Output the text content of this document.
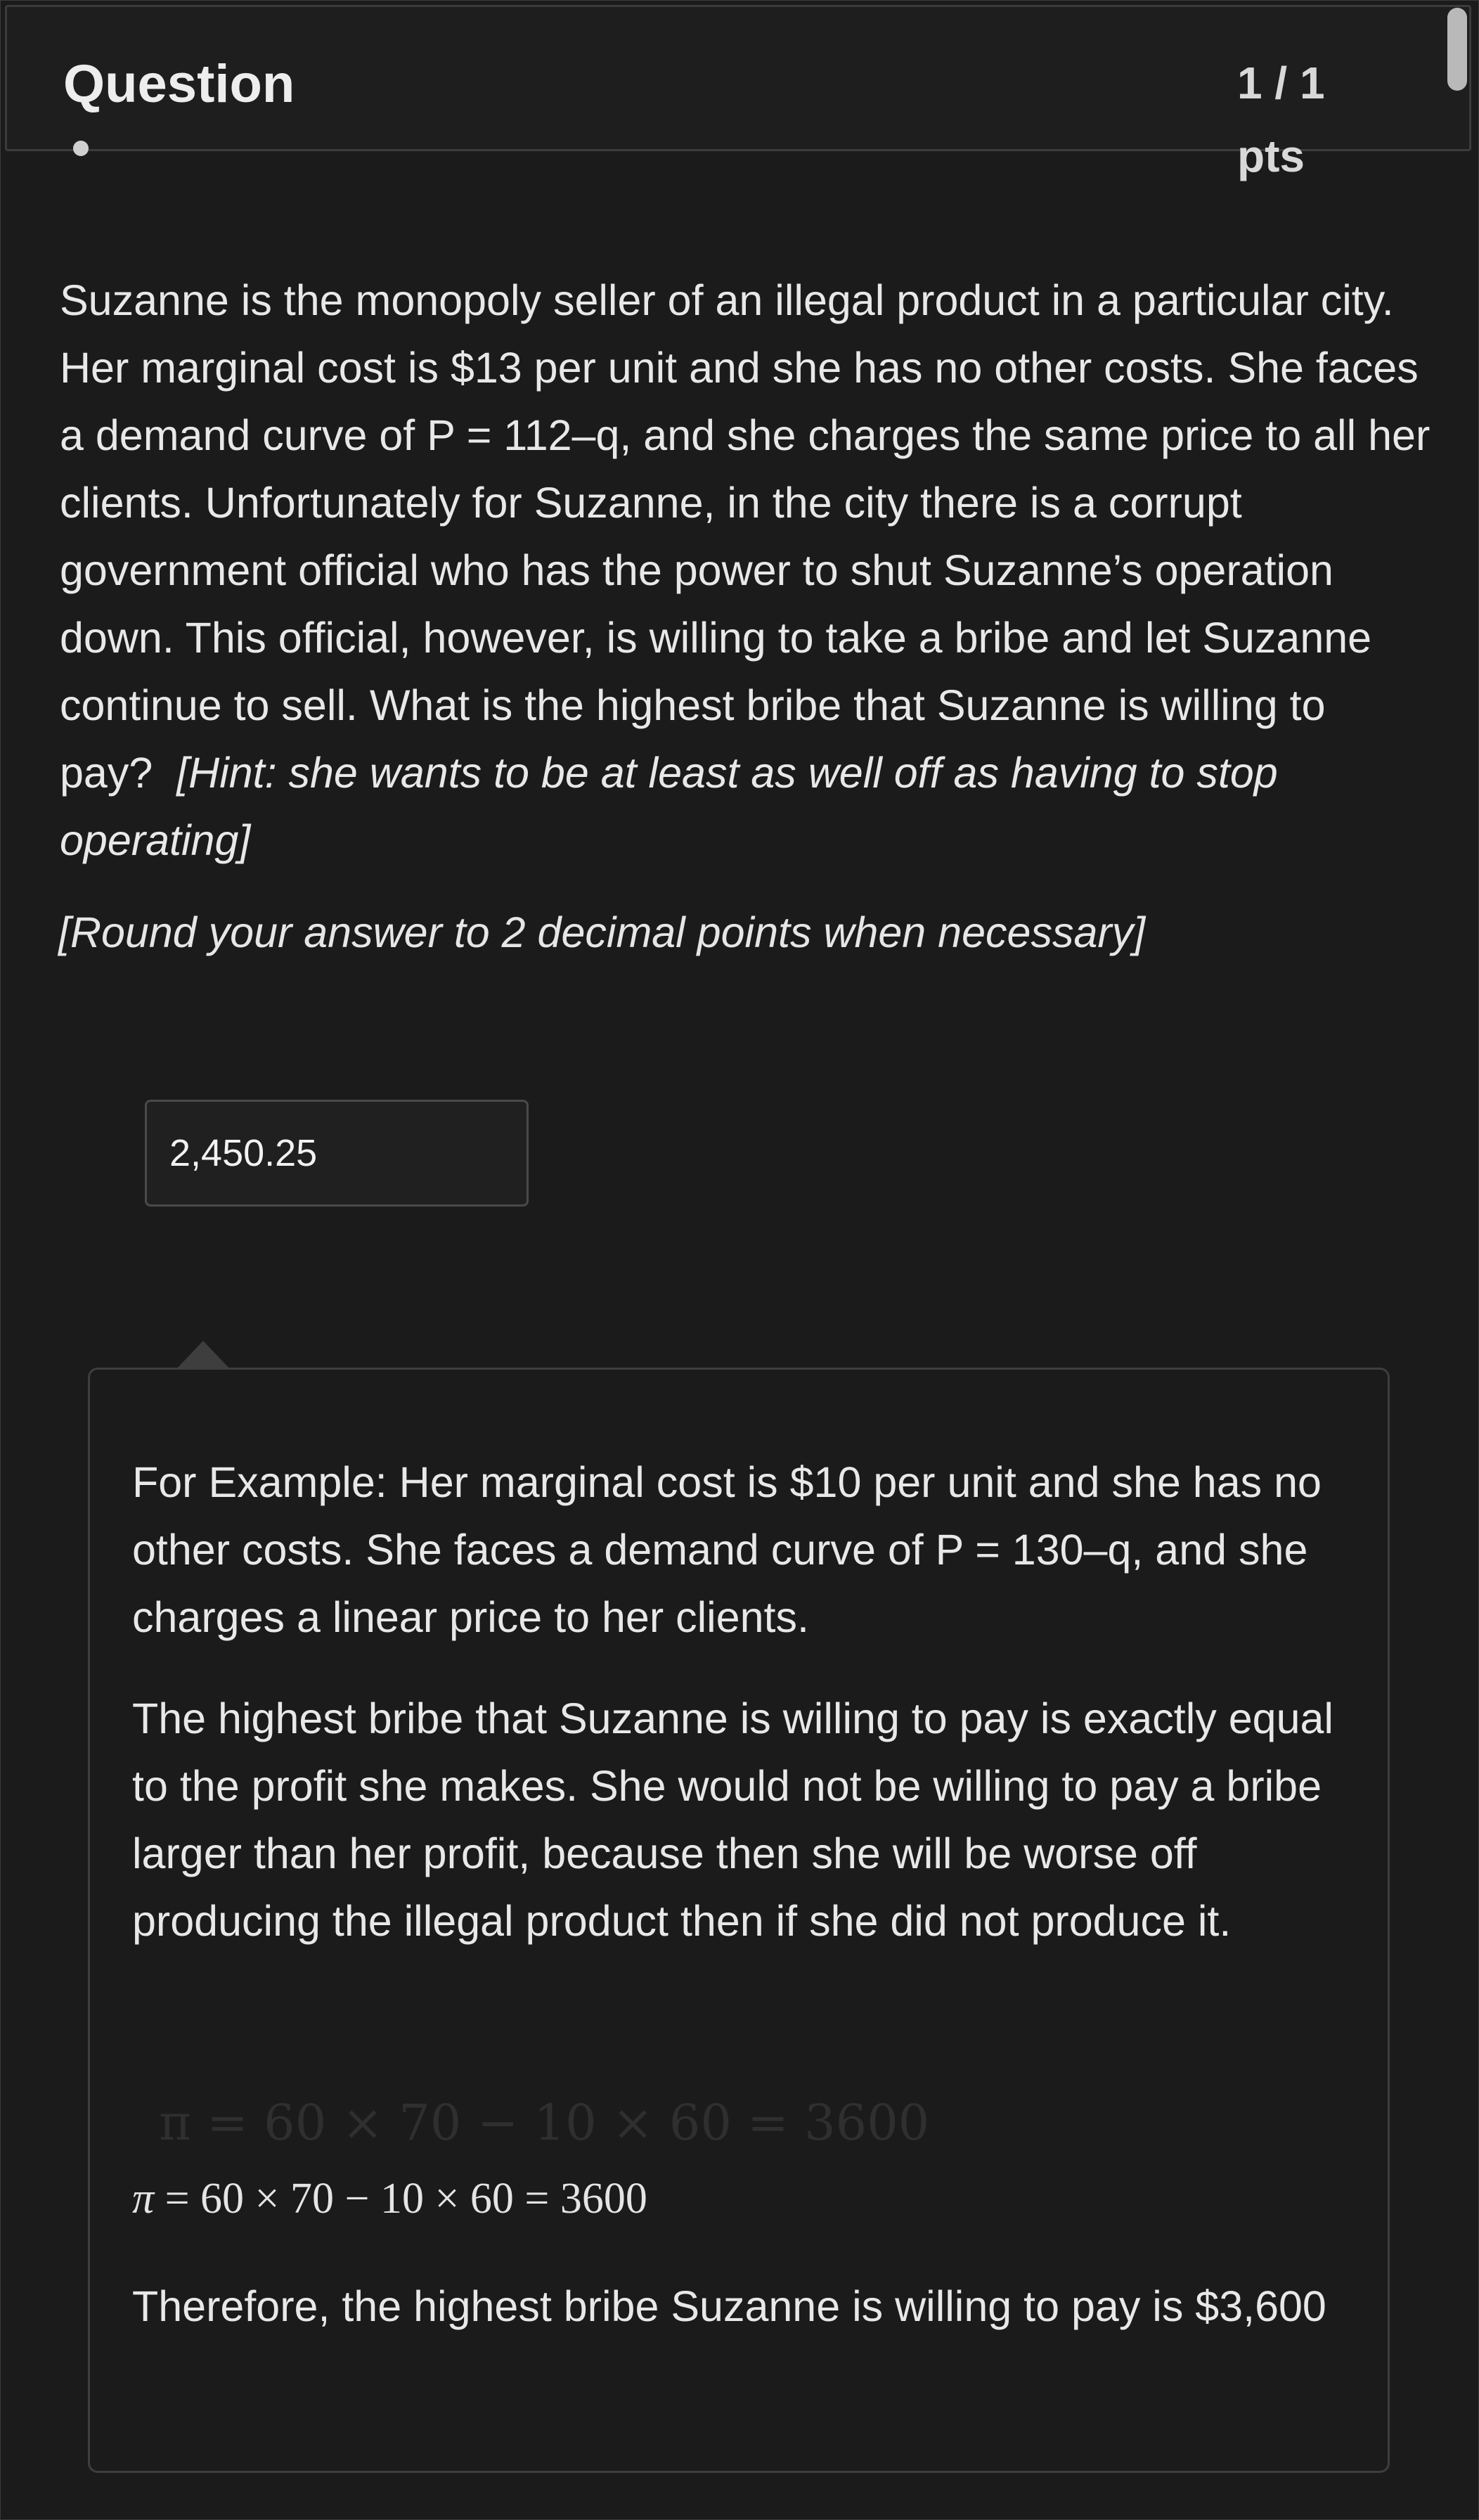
Question	1 / 1 pts

Suzanne is the monopoly seller of an illegal product in a particular city. Her marginal cost is $13 per unit and she has no other costs. She faces a demand curve of P = 112–q, and she charges the same price to all her clients. Unfortunately for Suzanne, in the city there is a corrupt government official who has the power to shut Suzanne’s operation down. This official, however, is willing to take a bribe and let Suzanne continue to sell. What is the highest bribe that Suzanne is willing to pay? [Hint: she wants to be at least as well off as having to stop operating]

[Round your answer to 2 decimal points when necessary]
2,450.25

For Example: Her marginal cost is $10 per unit and she has no other costs. She faces a demand curve of P = 130–q, and she charges a linear price to her clients.

The highest bribe that Suzanne is willing to pay is exactly equal to the profit she makes. She would not be willing to pay a bribe larger than her profit, because then she will be worse off producing the illegal product then if she did not produce it.

π = 60 × 70 − 10 × 60 = 3600
π = 60 × 70 − 10 × 60 = 3600

Therefore, the highest bribe Suzanne is willing to pay is $3,600
